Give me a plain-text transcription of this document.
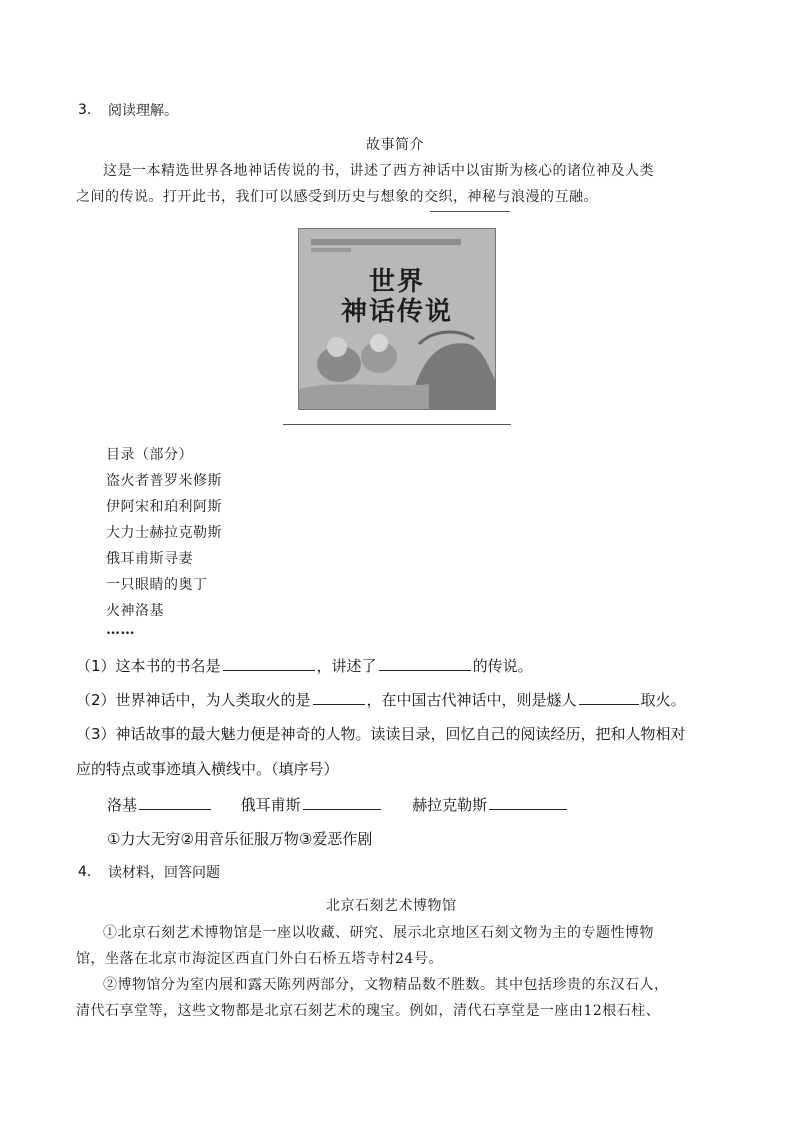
3. 阅读理解。
故事简介
这是一本精选世界各地神话传说的书，讲述了西方神话中以宙斯为核心的诸位神及人类
之间的传说。打开此书，我们可以感受到历史与想象的交织，神秘与浪漫的互融。
世界
神话传说
目录（部分）
盗火者普罗米修斯
伊阿宋和珀利阿斯
大力士赫拉克勒斯
俄耳甫斯寻妻
一只眼睛的奥丁
火神洛基
……
（1）这本书的书名是	，讲述了	的传说。
（2）世界神话中，为人类取火的是	，在中国古代神话中，则是燧人	取火。
（3）神话故事的最大魅力便是神奇的人物。读读目录，回忆自己的阅读经历，把和人物相对
应的特点或事迹填入横线中。（填序号）
洛基	俄耳甫斯	赫拉克勒斯
①力大无穷②用音乐征服万物③爱恶作剧
4. 读材料，回答问题
北京石刻艺术博物馆
①北京石刻艺术博物馆是一座以收藏、研究、展示北京地区石刻文物为主的专题性博物
馆，坐落在北京市海淀区西直门外白石桥五塔寺村24号。
②博物馆分为室内展和露天陈列两部分，文物精品数不胜数。其中包括珍贵的东汉石人，
清代石享堂等，这些文物都是北京石刻艺术的瑰宝。例如，清代石享堂是一座由12根石柱、
